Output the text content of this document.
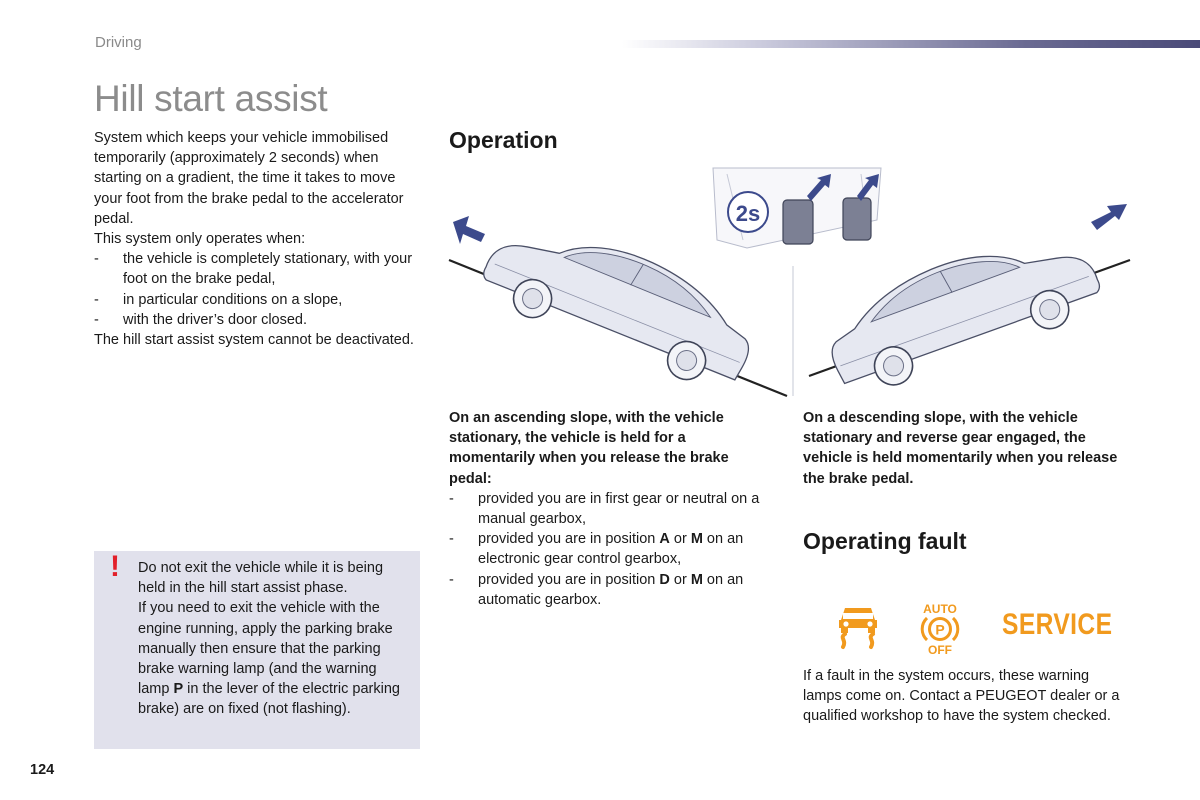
Driving
Hill start assist

System which keeps your vehicle immobilised temporarily (approximately 2 seconds) when starting on a gradient, the time it takes to move your foot from the brake pedal to the accelerator pedal.

This system only operates when:

- the vehicle is completely stationary, with your foot on the brake pedal,
- in particular conditions on a slope,
- with the driver’s door closed.

The hill start assist system cannot be deactivated.

Operation
2s

On an ascending slope, with the vehicle stationary, the vehicle is held for a momentarily when you release the brake pedal:

- provided you are in first gear or neutral on a manual gearbox,
- provided you are in position A or M on an electronic gear control gearbox,
- provided you are in position D or M on an automatic gearbox.

On a descending slope, with the vehicle stationary and reverse gear engaged, the vehicle is held momentarily when you release the brake pedal.

! Do not exit the vehicle while it is being held in the hill start assist phase.

If you need to exit the vehicle with the engine running, apply the parking brake manually then ensure that the parking brake warning lamp (and the warning lamp P in the lever of the electric parking brake) are on fixed (not flashing).

Operating fault
AUTO
P
OFF
SERVICE

If a fault in the system occurs, these warning lamps come on. Contact a PEUGEOT dealer or a qualified workshop to have the system checked.

124
